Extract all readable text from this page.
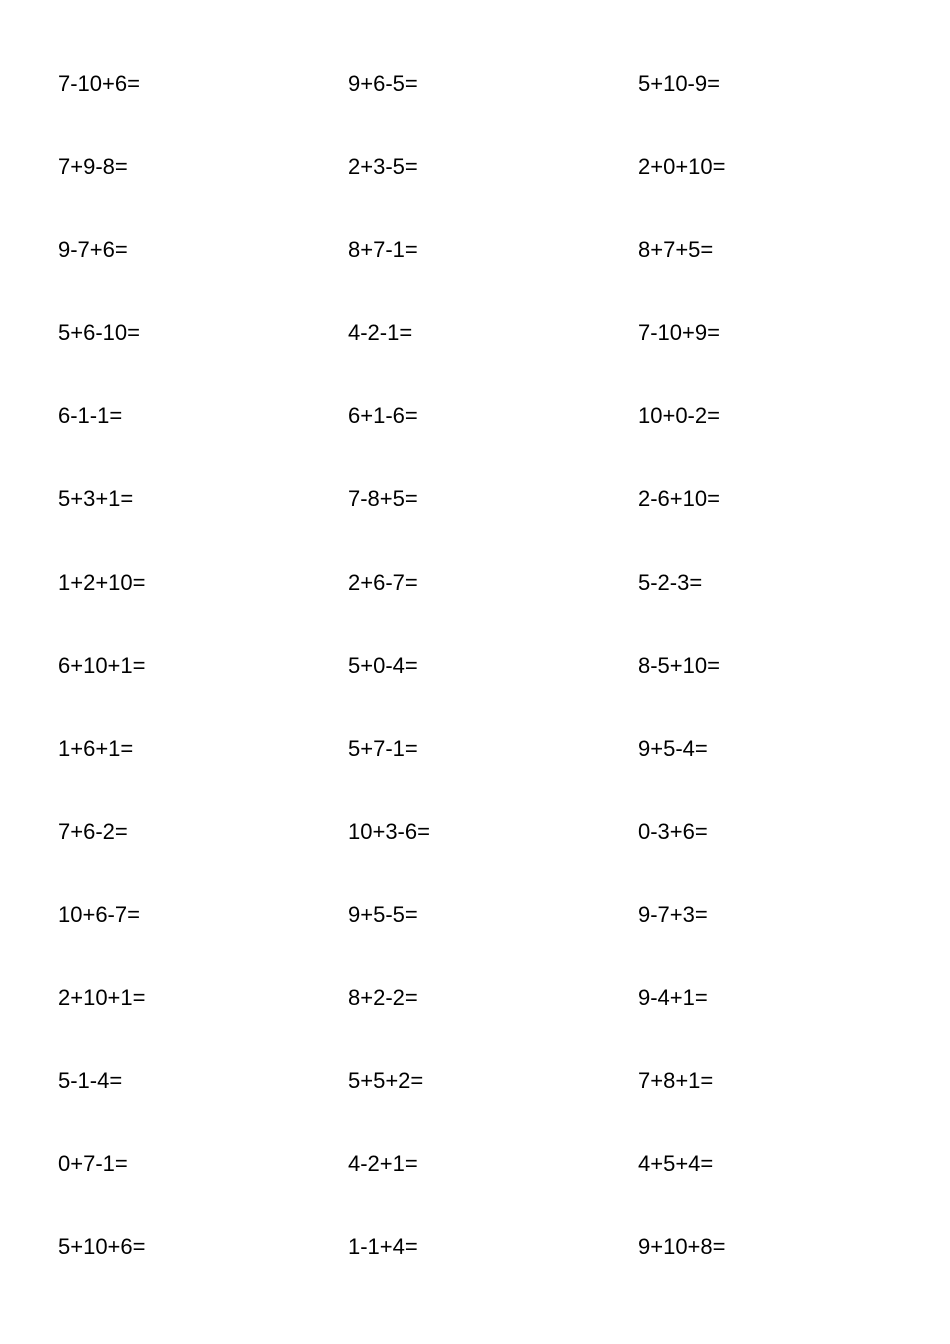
7-10+6=	9+6-5=	5+10-9=
7+9-8=	2+3-5=	2+0+10=
9-7+6=	8+7-1=	8+7+5=
5+6-10=	4-2-1=	7-10+9=
6-1-1=	6+1-6=	10+0-2=
5+3+1=	7-8+5=	2-6+10=
1+2+10=	2+6-7=	5-2-3=
6+10+1=	5+0-4=	8-5+10=
1+6+1=	5+7-1=	9+5-4=
7+6-2=	10+3-6=	0-3+6=
10+6-7=	9+5-5=	9-7+3=
2+10+1=	8+2-2=	9-4+1=
5-1-4=	5+5+2=	7+8+1=
0+7-1=	4-2+1=	4+5+4=
5+10+6=	1-1+4=	9+10+8=
